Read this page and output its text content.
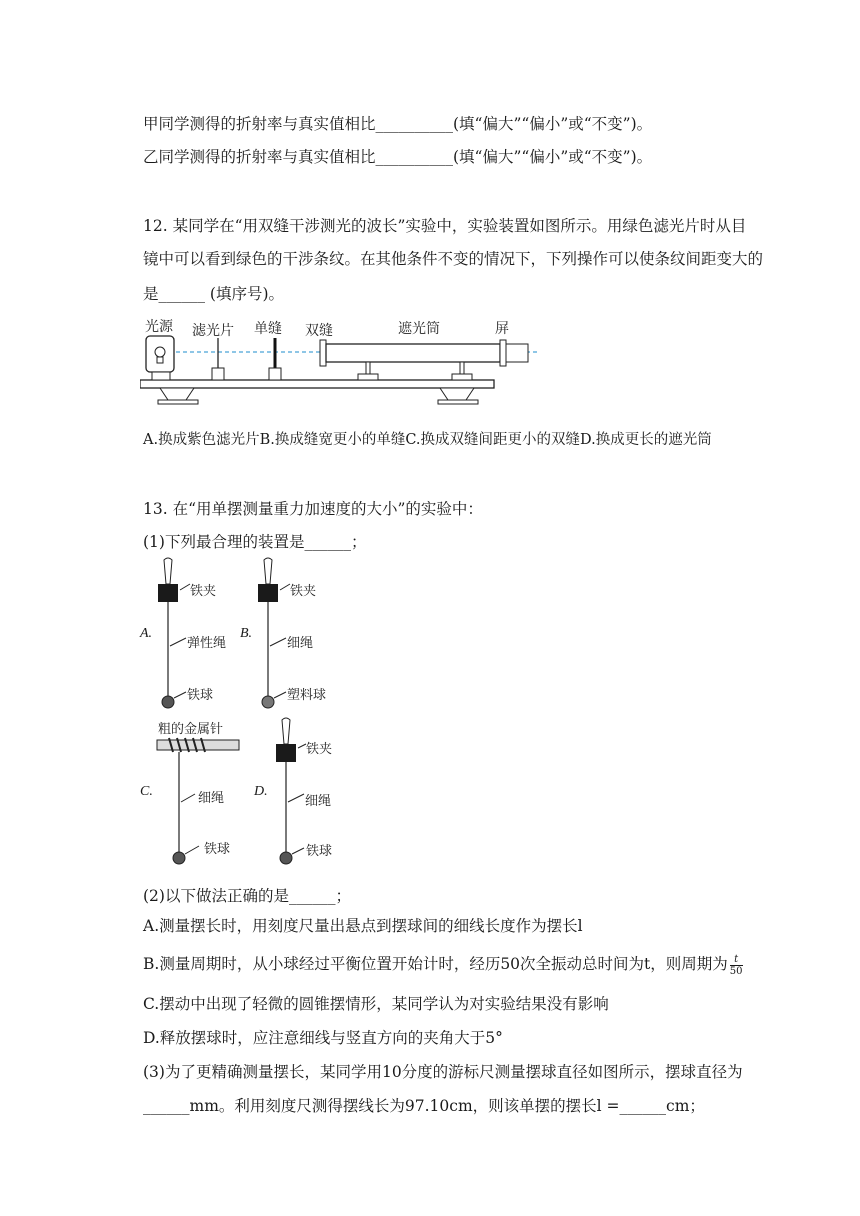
甲同学测得的折射率与真实值相比__________(填“偏大”“偏小”或“不变”)。
乙同学测得的折射率与真实值相比__________(填“偏大”“偏小”或“不变”)。
12. 某同学在“用双缝干涉测光的波长”实验中，实验装置如图所示。用绿色滤光片时从目
镜中可以看到绿色的干涉条纹。在其他条件不变的情况下，下列操作可以使条纹间距变大的
是______ (填序号)。
光源 滤光片 单缝 双缝	遮光筒	屏
A.换成紫色滤光片B.换成缝宽更小的单缝C.换成双缝间距更小的双缝D.换成更长的遮光筒
13. 在“用单摆测量重力加速度的大小”的实验中：
(1)下列最合理的装置是______；
A.
铁夹
弹性绳
铁球
B.
铁夹
细绳
塑料球
C.
粗的金属针
细绳
铁球
D.
铁夹
细绳
铁球
(2)以下做法正确的是______；
A.测量摆长时，用刻度尺量出悬点到摆球间的细线长度作为摆长l
B.测量周期时，从小球经过平衡位置开始计时，经历50次全振动总时间为t，则周期为 $\frac{t}{50}$
C.摆动中出现了轻微的圆锥摆情形，某同学认为对实验结果没有影响
D.释放摆球时，应注意细线与竖直方向的夹角大于5°
(3)为了更精确测量摆长，某同学用10分度的游标尺测量摆球直径如图所示，摆球直径为
______mm。利用刻度尺测得摆线长为97.10cm，则该单摆的摆长l =______cm；
